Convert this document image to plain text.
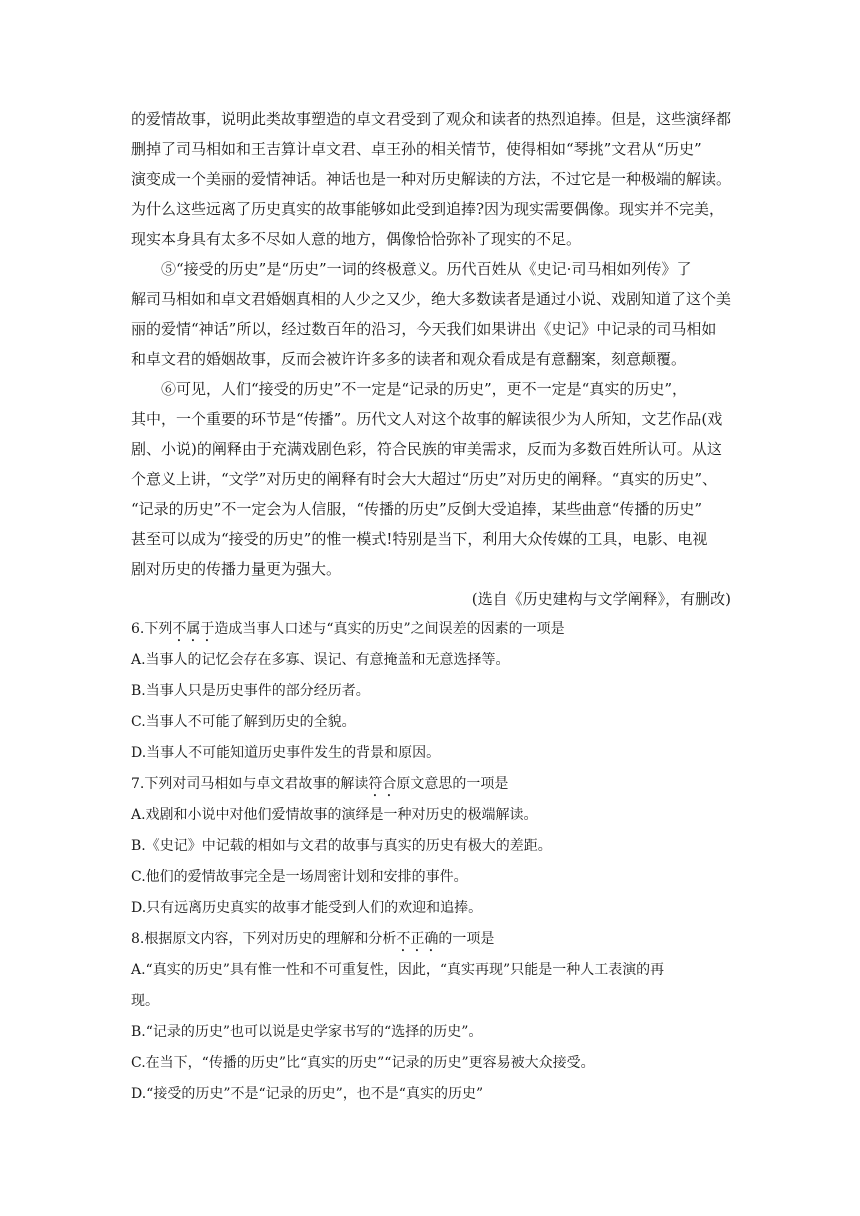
的爱情故事，说明此类故事塑造的卓文君受到了观众和读者的热烈追捧。但是，这些演绎都
删掉了司马相如和王吉算计卓文君、卓王孙的相关情节，使得相如“琴挑”文君从“历史”
演变成一个美丽的爱情神话。神话也是一种对历史解读的方法，不过它是一种极端的解读。
为什么这些远离了历史真实的故事能够如此受到追捧?因为现实需要偶像。现实并不完美，
现实本身具有太多不尽如人意的地方，偶像恰恰弥补了现实的不足。

⑤“接受的历史”是“历史”一词的终极意义。历代百姓从《史记·司马相如列传》了
解司马相如和卓文君婚姻真相的人少之又少，绝大多数读者是通过小说、戏剧知道了这个美
丽的爱情“神话”所以，经过数百年的沿习，今天我们如果讲出《史记》中记录的司马相如
和卓文君的婚姻故事，反而会被许许多多的读者和观众看成是有意翻案，刻意颠覆。

⑥可见，人们“接受的历史”不一定是“记录的历史”，更不一定是“真实的历史”，
其中，一个重要的环节是“传播”。历代文人对这个故事的解读很少为人所知，文艺作品(戏
剧、小说)的阐释由于充满戏剧色彩，符合民族的审美需求，反而为多数百姓所认可。从这
个意义上讲，“文学”对历史的阐释有时会大大超过“历史”对历史的阐释。“真实的历史”、
“记录的历史”不一定会为人信服，“传播的历史”反倒大受追捧，某些曲意“传播的历史”
甚至可以成为“接受的历史”的惟一模式!特别是当下，利用大众传媒的工具，电影、电视
剧对历史的传播力量更为强大。

(选自《历史建构与文学阐释》，有删改)

6.下列不属于造成当事人口述与“真实的历史”之间误差的因素的一项是

A.当事人的记忆会存在多寡、误记、有意掩盖和无意选择等。

B.当事人只是历史事件的部分经历者。

C.当事人不可能了解到历史的全貌。

D.当事人不可能知道历史事件发生的背景和原因。

7.下列对司马相如与卓文君故事的解读符合原文意思的一项是

A.戏剧和小说中对他们爱情故事的演绎是一种对历史的极端解读。

B.《史记》中记载的相如与文君的故事与真实的历史有极大的差距。

C.他们的爱情故事完全是一场周密计划和安排的事件。

D.只有远离历史真实的故事才能受到人们的欢迎和追捧。

8.根据原文内容，下列对历史的理解和分析不正确的一项是

A.“真实的历史”具有惟一性和不可重复性，因此，“真实再现”只能是一种人工表演的再

现。

B.“记录的历史”也可以说是史学家书写的“选择的历史”。

C.在当下，“传播的历史”比“真实的历史”“记录的历史”更容易被大众接受。

D.“接受的历史”不是“记录的历史”，也不是“真实的历史”
